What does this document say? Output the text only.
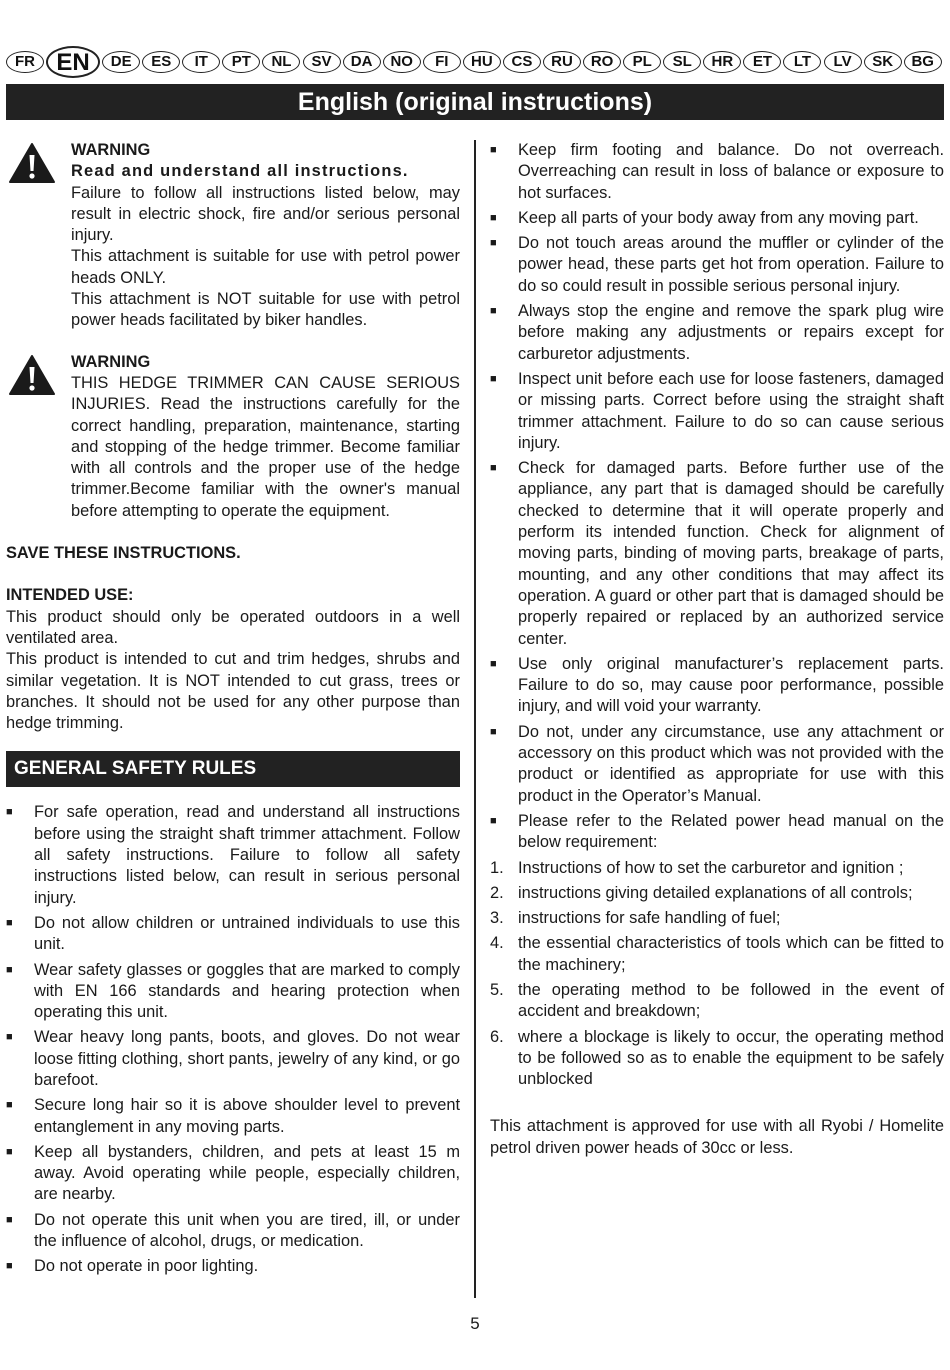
FR EN	DE	ES	IT	PT	NL	SV	DA	NO	FI	HU	CS	RU	RO	PL	SL	HR	ET	LT	LV	SK	BG
English (original instructions)
WARNING

Read and understand all instructions.

Failure to follow all instructions listed below, may result in electric shock, fire and/or serious personal injury.

This attachment is suitable for use with petrol power heads ONLY.

This attachment is NOT suitable for use with petrol power heads facilitated by biker handles.

WARNING

THIS HEDGE TRIMMER CAN CAUSE SERIOUS INJURIES. Read the instructions carefully for the correct handling, preparation, maintenance, starting and stopping of the hedge trimmer. Become familiar with all controls and the proper use of the hedge trimmer.Become familiar with the owner's manual before attempting to operate the equipment.

SAVE THESE INSTRUCTIONS.

INTENDED USE:

This product should only be operated outdoors in a well ventilated area.

This product is intended to cut and trim hedges, shrubs and similar vegetation. It is NOT intended to cut grass, trees or branches. It should not be used for any other purpose than hedge trimming.

GENERAL SAFETY RULES
■ For safe operation, read and understand all instructions before using the straight shaft trimmer attachment. Follow all safety instructions. Failure to follow all safety instructions listed below, can result in serious personal injury.
■ Do not allow children or untrained individuals to use this unit.
■ Wear safety glasses or goggles that are marked to comply with EN 166 standards and hearing protection when operating this unit.
■ Wear heavy long pants, boots, and gloves. Do not wear loose fitting clothing, short pants, jewelry of any kind, or go barefoot.
■ Secure long hair so it is above shoulder level to prevent entanglement in any moving parts.
■ Keep all bystanders, children, and pets at least 15 m away. Avoid operating while people, especially children, are nearby.
■ Do not operate this unit when you are tired, ill, or under the influence of alcohol, drugs, or medication.
■ Do not operate in poor lighting.
■ Keep firm footing and balance. Do not overreach. Overreaching can result in loss of balance or exposure to hot surfaces.
■ Keep all parts of your body away from any moving part.
■ Do not touch areas around the muffler or cylinder of the power head, these parts get hot from operation. Failure to do so could result in possible serious personal injury.
■ Always stop the engine and remove the spark plug wire before making any adjustments or repairs except for carburetor adjustments.
■ Inspect unit before each use for loose fasteners, damaged or missing parts. Correct before using the straight shaft trimmer attachment. Failure to do so can cause serious injury.
■ Check for damaged parts. Before further use of the appliance, any part that is damaged should be carefully checked to determine that it will operate properly and perform its intended function. Check for alignment of moving parts, binding of moving parts, breakage of parts, mounting, and any other conditions that may affect its operation. A guard or other part that is damaged should be properly repaired or replaced by an authorized service center.
■ Use only original manufacturer’s replacement parts. Failure to do so, may cause poor performance, possible injury, and will void your warranty.
■ Do not, under any circumstance, use any attachment or accessory on this product which was not provided with the product or identified as appropriate for use with this product in the Operator’s Manual.
■ Please refer to the Related power head manual on the below requirement:
1. Instructions of how to set the carburetor and ignition ;
2. instructions giving detailed explanations of all controls;
3. instructions for safe handling of fuel;
4. the essential characteristics of tools which can be fitted to the machinery;
5. the operating method to be followed in the event of accident and breakdown;
6. where a blockage is likely to occur, the operating method to be followed so as to enable the equipment to be safely unblocked

This attachment is approved for use with all Ryobi / Homelite petrol driven power heads of 30cc or less.

5
